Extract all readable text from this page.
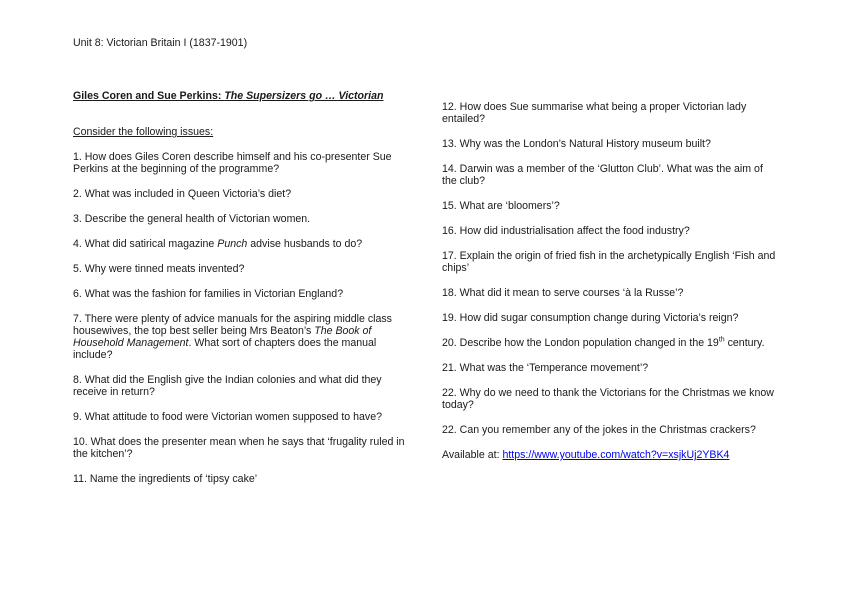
Unit 8: Victorian Britain I (1837-1901)

Giles Coren and Sue Perkins: The Supersizers go … Victorian

Consider the following issues:

1. How does Giles Coren describe himself and his co-presenter Sue Perkins at the beginning of the programme?

2. What was included in Queen Victoria’s diet?

3. Describe the general health of Victorian women.

4. What did satirical magazine Punch advise husbands to do?

5. Why were tinned meats invented?

6. What was the fashion for families in Victorian England?

7. There were plenty of advice manuals for the aspiring middle class housewives, the top best seller being Mrs Beaton’s The Book of Household Management. What sort of chapters does the manual include?

8. What did the English give the Indian colonies and what did they receive in return?

9. What attitude to food were Victorian women supposed to have?

10. What does the presenter mean when he says that ‘frugality ruled in the kitchen’?

11. Name the ingredients of ‘tipsy cake’

12. How does Sue summarise what being a proper Victorian lady entailed?

13. Why was the London’s Natural History museum built?

14. Darwin was a member of the ‘Glutton Club’. What was the aim of the club?

15. What are ‘bloomers’?

16. How did industrialisation affect the food industry?

17. Explain the origin of fried fish in the archetypically English ‘Fish and chips’

18. What did it mean to serve courses ‘à la Russe’?

19. How did sugar consumption change during Victoria’s reign?

20. Describe how the London population changed in the 19th century.

21. What was the ‘Temperance movement’?

22. Why do we need to thank the Victorians for the Christmas we know today?

22. Can you remember any of the jokes in the Christmas crackers?

Available at: https://www.youtube.com/watch?v=xsjkUj2YBK4
